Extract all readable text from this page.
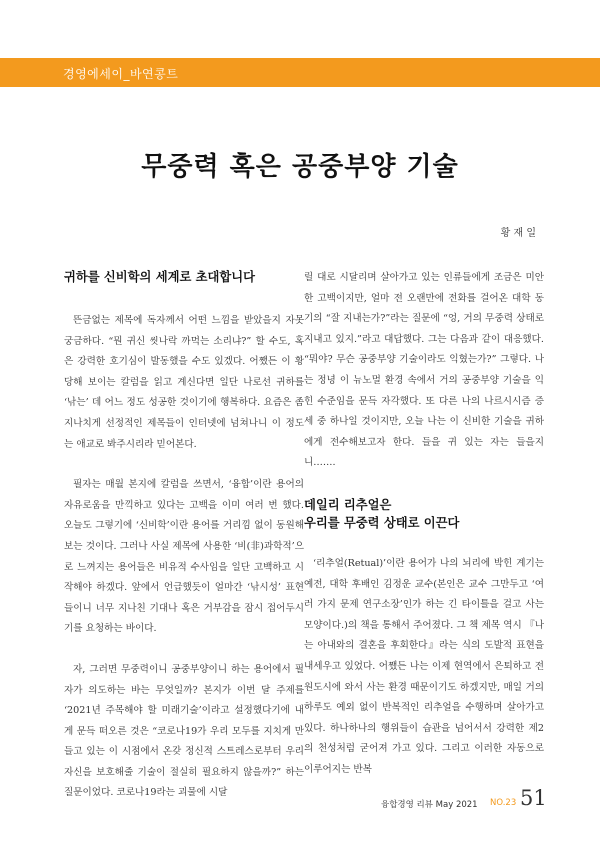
경영에세이_바연콩트
무중력 혹은 공중부양 기술
황 재 일

귀하를 신비학의 세계로 초대합니다

뜬금없는 제목에 독자께서 어떤 느낌을 받았을지 자못 궁금하다. “뭔 귀신 씻나락 까먹는 소리냐?” 할 수도, 혹은 강력한 호기심이 발동했을 수도 있겠다. 어쨌든 이 황당해 보이는 칼럼을 읽고 계신다면 일단 나로선 귀하를 ‘낚는’ 데 어느 정도 성공한 것이기에 행복하다. 요즘은 좀 지나치게 선정적인 제목들이 인터넷에 넘쳐나니 이 정도는 애교로 봐주시리라 믿어본다.

필자는 매월 본지에 칼럼을 쓰면서, ‘융합’이란 용어의 자유로움을 만끽하고 있다는 고백을 이미 여러 번 했다. 오늘도 그렇기에 ‘신비학’이란 용어를 거리낌 없이 동원해보는 것이다. 그러나 사실 제목에 사용한 ‘비(非)과학적’으로 느껴지는 용어들은 비유적 수사임을 일단 고백하고 시작해야 하겠다. 앞에서 언급했듯이 얼마간 ‘낚시성’ 표현들이니 너무 지나친 기대나 혹은 거부감을 잠시 접어두시기를 요청하는 바이다.

자, 그러면 무중력이니 공중부양이니 하는 용어에서 필자가 의도하는 바는 무엇일까? 본지가 이번 달 주제를 ‘2021년 주목해야 할 미래기술’이라고 설정했다기에 내게 문득 떠오른 것은 “코로나19가 우리 모두를 지치게 만들고 있는 이 시점에서 온갖 정신적 스트레스로부터 우리 자신을 보호해줄 기술이 절실히 필요하지 않을까?” 하는 질문이었다. 코로나19라는 괴물에 시달

릴 대로 시달리며 살아가고 있는 인류들에게 조금은 미안한 고백이지만, 얼마 전 오랜만에 전화를 걸어온 대학 동기의 “잘 지내는가?”라는 질문에 “엉, 거의 무중력 상태로 지내고 있지.”라고 대답했다. 그는 다음과 같이 대응했다. “뭐야? 무슨 공중부양 기술이라도 익혔는가?” 그렇다. 나는 정녕 이 뉴노멀 환경 속에서 거의 공중부양 기술을 익힌 수준임을 문득 자각했다. 또 다른 나의 나르시시즘 증세 중 하나일 것이지만, 오늘 나는 이 신비한 기술을 귀하에게 전수해보고자 한다. 들을 귀 있는 자는 들을지니…….

데일리 리추얼은

우리를 무중력 상태로 이끈다

‘리추얼(Retual)’이란 용어가 나의 뇌리에 박힌 계기는 예전, 대학 후배인 김정운 교수(본인은 교수 그만두고 ‘여러 가지 문제 연구소장’인가 하는 긴 타이틀을 걸고 사는 모양이다.)의 책을 통해서 주어졌다. 그 책 제목 역시 『나는 아내와의 결혼을 후회한다』라는 식의 도발적 표현을 내세우고 있었다. 어쨌든 나는 이제 현역에서 은퇴하고 전원도시에 와서 사는 환경 때문이기도 하겠지만, 매일 거의 하루도 예외 없이 반복적인 리추얼을 수행하며 살아가고 있다. 하나하나의 행위들이 습관을 넘어서서 강력한 제2의 천성처럼 굳어져 가고 있다. 그리고 이러한 자동으로 이루어지는 반복

융합경영 리뷰 May 2021 NO.23 51
